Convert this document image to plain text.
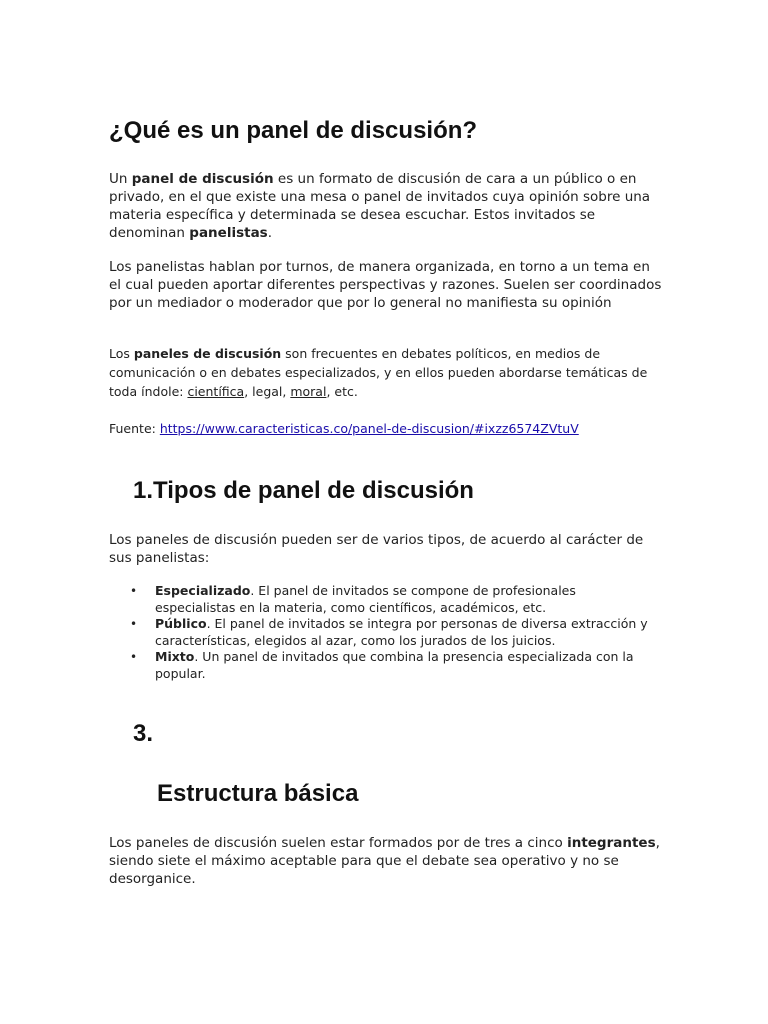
¿Qué es un panel de discusión?

Un panel de discusión es un formato de discusión de cara a un público o en privado, en el que existe una mesa o panel de invitados cuya opinión sobre una materia específica y determinada se desea escuchar. Estos invitados se denominan panelistas.

Los panelistas hablan por turnos, de manera organizada, en torno a un tema en el cual pueden aportar diferentes perspectivas y razones. Suelen ser coordinados por un mediador o moderador que por lo general no manifiesta su opinión

Los paneles de discusión son frecuentes en debates políticos, en medios de comunicación o en debates especializados, y en ellos pueden abordarse temáticas de toda índole: científica, legal, moral, etc.

Fuente: https://www.caracteristicas.co/panel-de-discusion/#ixzz6574ZVtuV

1.Tipos de panel de discusión

Los paneles de discusión pueden ser de varios tipos, de acuerdo al carácter de sus panelistas:

• Especializado. El panel de invitados se compone de profesionales especialistas en la materia, como científicos, académicos, etc.
• Público. El panel de invitados se integra por personas de diversa extracción y características, elegidos al azar, como los jurados de los juicios.
• Mixto. Un panel de invitados que combina la presencia especializada con la popular.
3.
Estructura básica

Los paneles de discusión suelen estar formados por de tres a cinco integrantes, siendo siete el máximo aceptable para que el debate sea operativo y no se desorganice.
